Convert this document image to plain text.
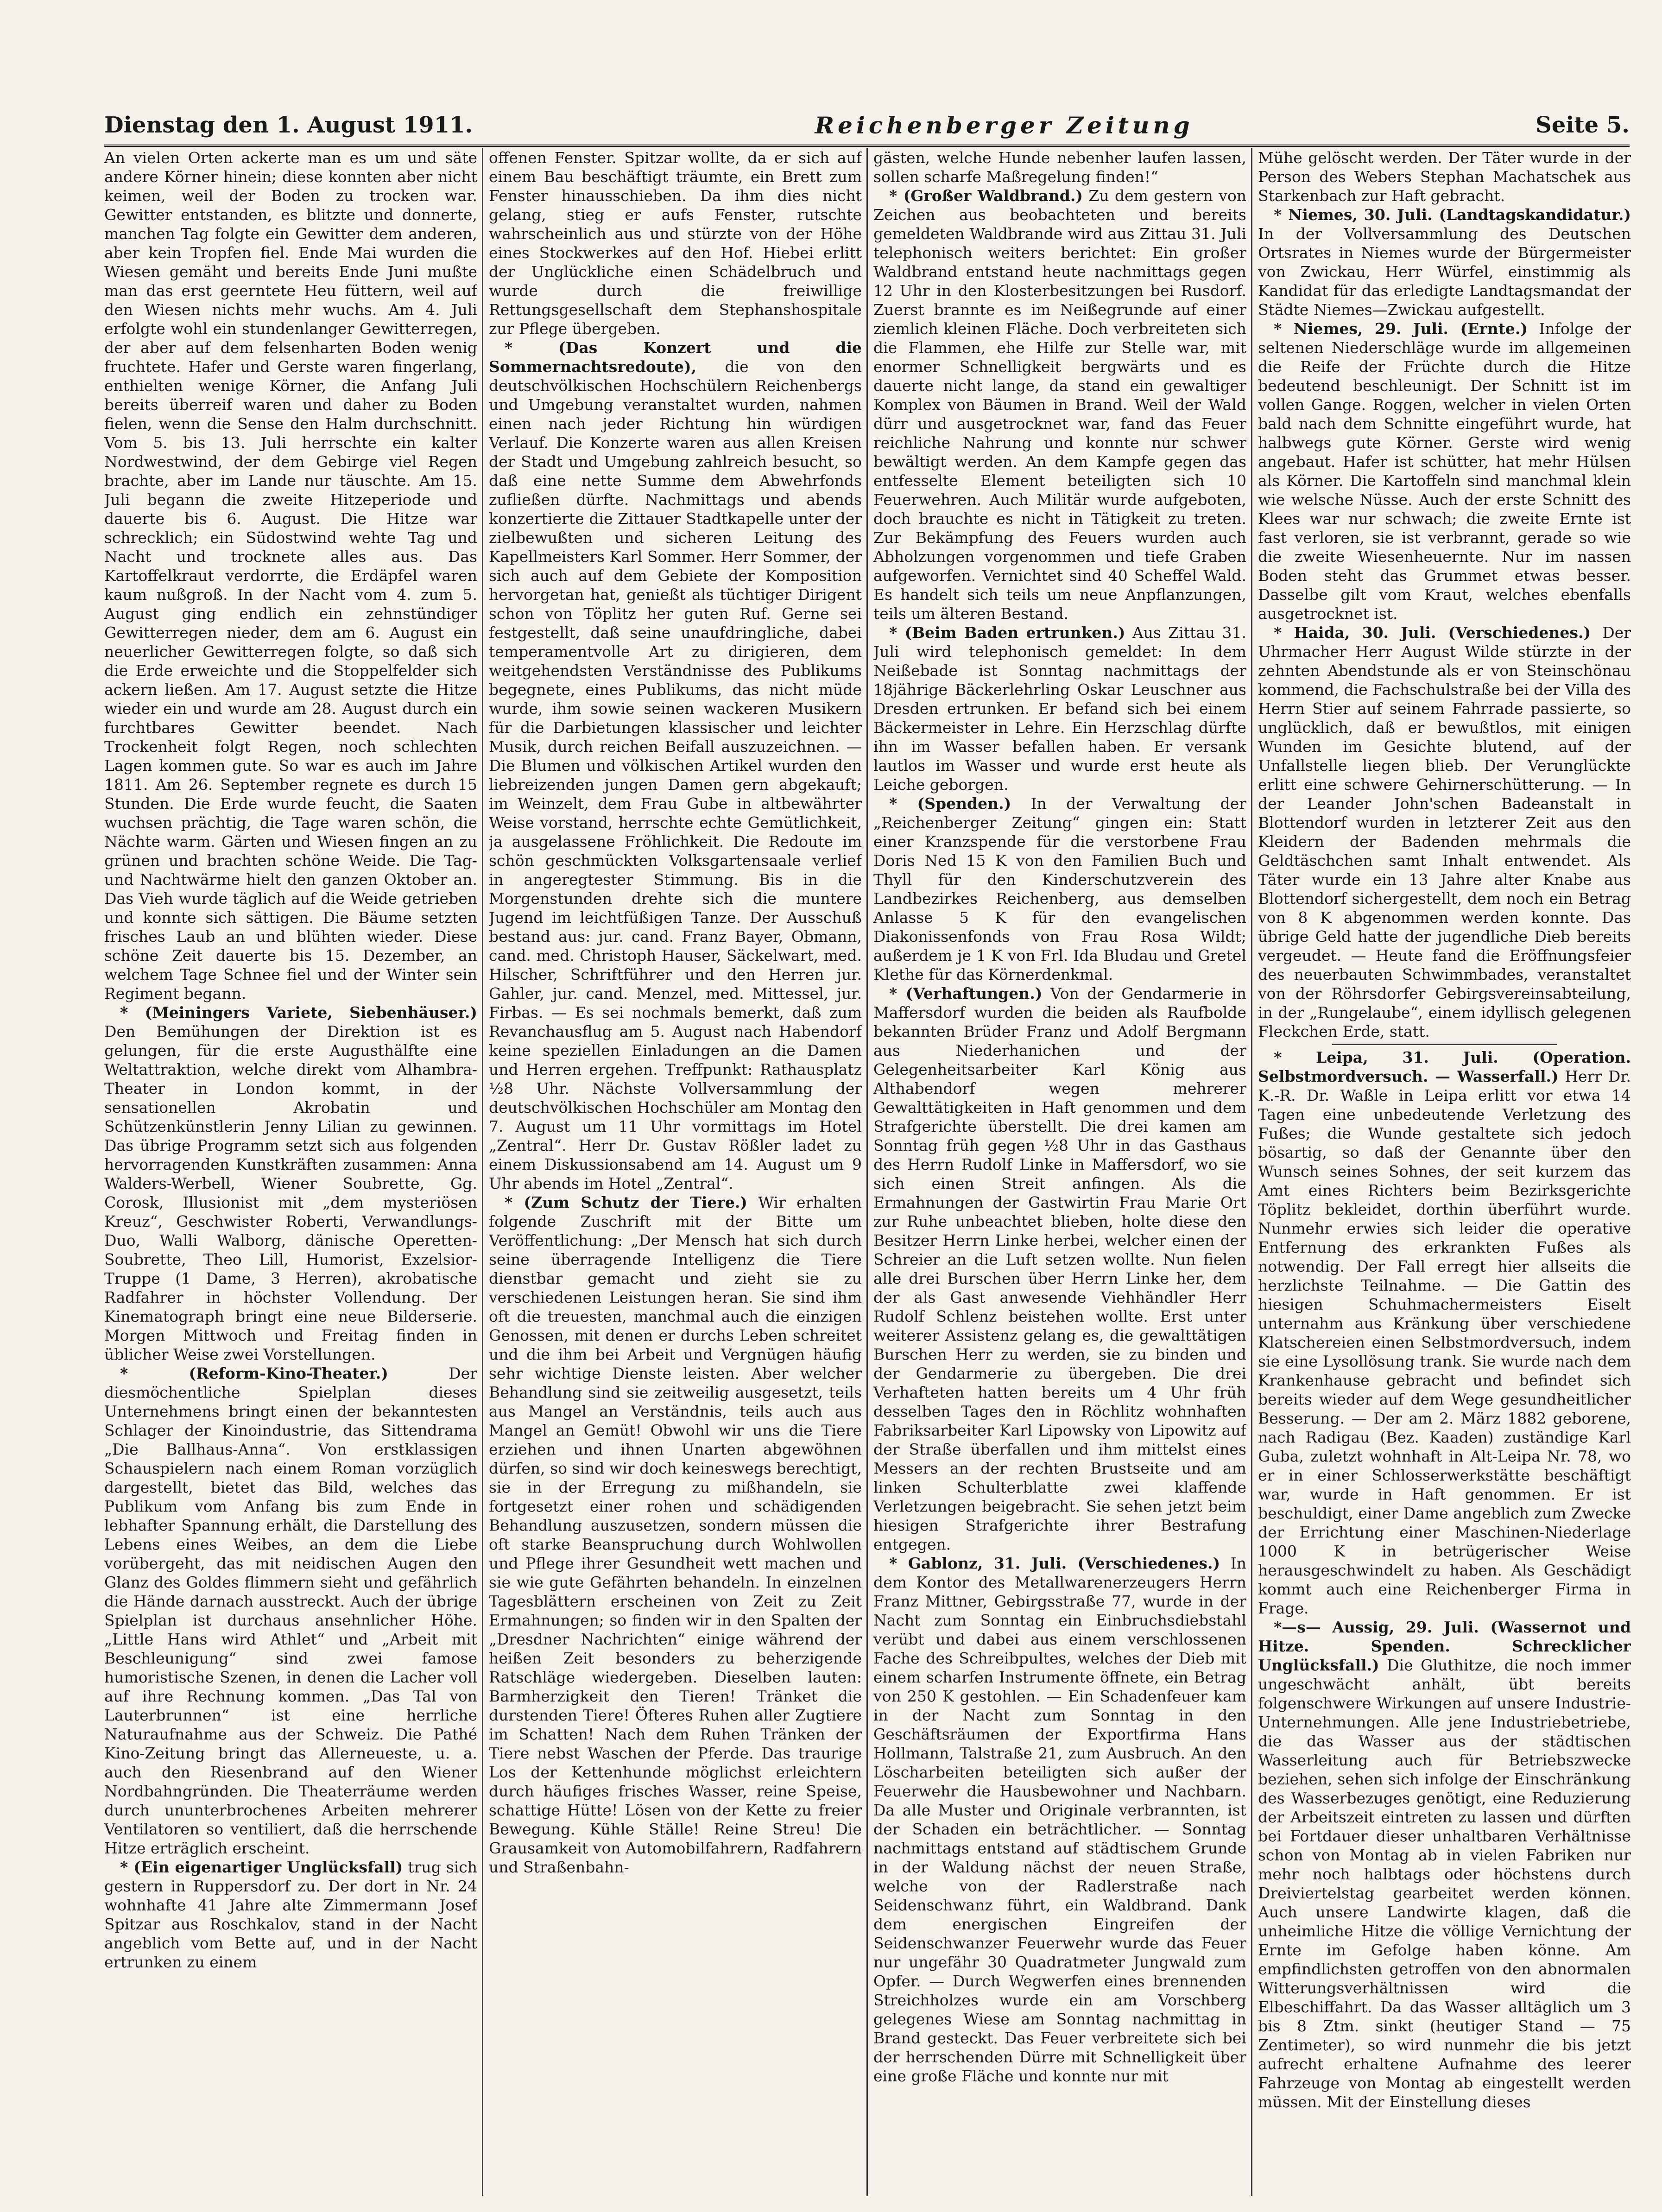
Dienstag den 1. August 1911.	Reichenberger Zeitung	Seite 5.

An vielen Orten ackerte man es um und säte andere Körner hinein; diese konnten aber nicht keimen, weil der Boden zu trocken war. Gewitter entstanden, es blitzte und donnerte, manchen Tag folgte ein Gewitter dem anderen, aber kein Tropfen fiel. Ende Mai wurden die Wiesen gemäht und bereits Ende Juni mußte man das erst geerntete Heu füttern, weil auf den Wiesen nichts mehr wuchs. Am 4. Juli erfolgte wohl ein stundenlanger Gewitterregen, der aber auf dem felsenharten Boden wenig fruchtete. Hafer und Gerste waren fingerlang, enthielten wenige Körner, die Anfang Juli bereits überreif waren und daher zu Boden fielen, wenn die Sense den Halm durchschnitt. Vom 5. bis 13. Juli herrschte ein kalter Nordwestwind, der dem Gebirge viel Regen brachte, aber im Lande nur täuschte. Am 15. Juli begann die zweite Hitzeperiode und dauerte bis 6. August. Die Hitze war schrecklich; ein Südostwind wehte Tag und Nacht und trocknete alles aus. Das Kartoffelkraut verdorrte, die Erdäpfel waren kaum nußgroß. In der Nacht vom 4. zum 5. August ging endlich ein zehnstündiger Gewitterregen nieder, dem am 6. August ein neuerlicher Gewitterregen folgte, so daß sich die Erde erweichte und die Stoppelfelder sich ackern ließen. Am 17. August setzte die Hitze wieder ein und wurde am 28. August durch ein furchtbares Gewitter beendet. Nach Trockenheit folgt Regen, noch schlechten Lagen kommen gute. So war es auch im Jahre 1811. Am 26. September regnete es durch 15 Stunden. Die Erde wurde feucht, die Saaten wuchsen prächtig, die Tage waren schön, die Nächte warm. Gärten und Wiesen fingen an zu grünen und brachten schöne Weide. Die Tag- und Nachtwärme hielt den ganzen Oktober an. Das Vieh wurde täglich auf die Weide getrieben und konnte sich sättigen. Die Bäume setzten frisches Laub an und blühten wieder. Diese schöne Zeit dauerte bis 15. Dezember, an welchem Tage Schnee fiel und der Winter sein Regiment begann.

* (Meiningers Variete, Siebenhäuser.) Den Bemühungen der Direktion ist es gelungen, für die erste Augusthälfte eine Weltattraktion, welche direkt vom Alhambra-Theater in London kommt, in der sensationellen Akrobatin und Schützenkünstlerin Jenny Lilian zu gewinnen. Das übrige Programm setzt sich aus folgenden hervorragenden Kunstkräften zusammen: Anna Walders-Werbell, Wiener Soubrette, Gg. Corosk, Illusionist mit „dem mysteriösen Kreuz“, Geschwister Roberti, Verwandlungs-Duo, Walli Walborg, dänische Operetten-Soubrette, Theo Lill, Humorist, Exzelsior-Truppe (1 Dame, 3 Herren), akrobatische Radfahrer in höchster Vollendung. Der Kinematograph bringt eine neue Bilderserie. Morgen Mittwoch und Freitag finden in üblicher Weise zwei Vorstellungen.

* (Reform-Kino-Theater.)	Der diesmöchentliche Spielplan dieses Unternehmens bringt einen der bekanntesten Schlager der Kinoindustrie, das Sittendrama „Die Ballhaus-Anna“. Von erstklassigen Schauspielern nach einem Roman vorzüglich dargestellt, bietet das Bild, welches das Publikum vom Anfang bis zum Ende in lebhafter Spannung erhält, die Darstellung des Lebens eines Weibes, an dem die Liebe vorübergeht, das mit neidischen Augen den Glanz des Goldes flimmern sieht und gefährlich die Hände darnach ausstreckt. Auch der übrige Spielplan ist durchaus ansehnlicher Höhe. „Little Hans wird Athlet“ und „Arbeit mit Beschleunigung“ sind zwei famose humoristische Szenen, in denen die Lacher voll auf ihre Rechnung kommen. „Das Tal von Lauterbrunnen“ ist eine herrliche Naturaufnahme aus der Schweiz. Die Pathé Kino-Zeitung bringt das Allerneueste, u. a. auch den Riesenbrand auf den Wiener Nordbahngründen. Die Theaterräume werden durch ununterbrochenes Arbeiten mehrerer Ventilatoren so ventiliert, daß die herrschende Hitze erträglich erscheint.

* (Ein eigenartiger Unglücksfall) trug sich gestern in Ruppersdorf zu. Der dort in Nr. 24 wohnhafte 41 Jahre alte Zimmermann Josef Spitzar aus Roschkalov, stand in der Nacht angeblich vom Bette auf, und in der Nacht ertrunken zu einem

offenen Fenster. Spitzar wollte, da er sich auf einem Bau beschäftigt träumte, ein Brett zum Fenster hinausschieben. Da ihm dies nicht gelang, stieg er aufs Fenster, rutschte wahrscheinlich aus und stürzte von der Höhe eines Stockwerkes auf den Hof. Hiebei erlitt der Unglückliche einen Schädelbruch und wurde durch die freiwillige Rettungsgesellschaft dem Stephanshospitale zur Pflege übergeben.

* (Das Konzert und die Sommernachtsredoute), die von den deutschvölkischen Hochschülern Reichenbergs und Umgebung veranstaltet wurden, nahmen einen nach jeder Richtung hin würdigen Verlauf. Die Konzerte waren aus allen Kreisen der Stadt und Umgebung zahlreich besucht, so daß eine nette Summe dem Abwehrfonds zufließen dürfte. Nachmittags und abends konzertierte die Zittauer Stadtkapelle unter der zielbewußten und sicheren Leitung des Kapellmeisters Karl Sommer. Herr Sommer, der sich auch auf dem Gebiete der Komposition hervorgetan hat, genießt als tüchtiger Dirigent schon von Töplitz her guten Ruf. Gerne sei festgestellt, daß seine unaufdringliche, dabei temperamentvolle Art zu dirigieren, dem weitgehendsten Verständnisse des Publikums begegnete, eines Publikums, das nicht müde wurde, ihm sowie seinen wackeren Musikern für die Darbietungen klassischer und leichter Musik, durch reichen Beifall auszuzeichnen. — Die Blumen und völkischen Artikel wurden den liebreizenden jungen Damen gern abgekauft; im Weinzelt, dem Frau Gube in altbewährter Weise vorstand, herrschte echte Gemütlichkeit, ja ausgelassene Fröhlichkeit. Die Redoute im schön geschmückten Volksgartensaale verlief in angeregtester Stimmung. Bis in die Morgenstunden drehte sich die muntere Jugend im leichtfüßigen Tanze. Der Ausschuß bestand aus: jur. cand. Franz Bayer, Obmann, cand. med. Christoph Hauser, Säckelwart, med. Hilscher, Schriftführer und den Herren jur. Gahler, jur. cand. Menzel, med. Mittessel, jur. Firbas. — Es sei nochmals bemerkt, daß zum Revanchausflug am 5. August nach Habendorf keine speziellen Einladungen an die Damen und Herren ergehen. Treffpunkt: Rathausplatz ½8 Uhr. Nächste Vollversammlung der deutschvölkischen Hochschüler am Montag den 7. August um 11 Uhr vormittags im Hotel „Zentral“. Herr Dr. Gustav Rößler ladet zu einem Diskussionsabend am 14. August um 9 Uhr abends im Hotel „Zentral“.

* (Zum Schutz der Tiere.) Wir erhalten folgende Zuschrift mit der Bitte um Veröffentlichung: „Der Mensch hat sich durch seine überragende Intelligenz die Tiere dienstbar gemacht und zieht sie zu verschiedenen Leistungen heran. Sie sind ihm oft die treuesten, manchmal auch die einzigen Genossen, mit denen er durchs Leben schreitet und die ihm bei Arbeit und Vergnügen häufig sehr wichtige Dienste leisten. Aber welcher Behandlung sind sie zeitweilig ausgesetzt, teils aus Mangel an Verständnis, teils auch aus Mangel an Gemüt! Obwohl wir uns die Tiere erziehen und ihnen Unarten abgewöhnen dürfen, so sind wir doch keineswegs berechtigt, sie in der Erregung zu mißhandeln, sie fortgesetzt einer rohen und schädigenden Behandlung auszusetzen, sondern müssen die oft starke Beanspruchung durch Wohlwollen und Pflege ihrer Gesundheit wett machen und sie wie gute Gefährten behandeln. In einzelnen Tagesblättern erscheinen von Zeit zu Zeit Ermahnungen; so finden wir in den Spalten der „Dresdner Nachrichten“ einige während der heißen Zeit besonders zu beherzigende Ratschläge wiedergeben. Dieselben lauten: Barmherzigkeit den Tieren! Tränket die durstenden Tiere! Öfteres Ruhen aller Zugtiere im Schatten! Nach dem Ruhen Tränken der Tiere nebst Waschen der Pferde. Das traurige Los der Kettenhunde möglichst erleichtern durch häufiges frisches Wasser, reine Speise, schattige Hütte! Lösen von der Kette zu freier Bewegung. Kühle Ställe! Reine Streu! Die Grausamkeit von Automobilfahrern, Radfahrern und Straßenbahn-

gästen, welche Hunde nebenher laufen lassen, sollen scharfe Maßregelung finden!“

* (Großer Waldbrand.) Zu dem gestern von Zeichen aus beobachteten und bereits gemeldeten Waldbrande wird aus Zittau 31. Juli telephonisch weiters berichtet: Ein großer Waldbrand entstand heute nachmittags gegen 12 Uhr in den Klosterbesitzungen bei Rusdorf. Zuerst brannte es im Neißegrunde auf einer ziemlich kleinen Fläche. Doch verbreiteten sich die Flammen, ehe Hilfe zur Stelle war, mit enormer Schnelligkeit bergwärts und es dauerte nicht lange, da stand ein gewaltiger Komplex von Bäumen in Brand. Weil der Wald dürr und ausgetrocknet war, fand das Feuer reichliche Nahrung und konnte nur schwer bewältigt werden. An dem Kampfe gegen das entfesselte Element beteiligten sich 10 Feuerwehren. Auch Militär wurde aufgeboten, doch brauchte es nicht in Tätigkeit zu treten. Zur Bekämpfung des Feuers wurden auch Abholzungen vorgenommen und tiefe Graben aufgeworfen. Vernichtet sind 40 Scheffel Wald. Es handelt sich teils um neue Anpflanzungen, teils um älteren Bestand.

* (Beim Baden ertrunken.) Aus Zittau 31. Juli wird telephonisch gemeldet: In dem Neißebade ist Sonntag nachmittags der 18jährige Bäckerlehrling Oskar Leuschner aus Dresden ertrunken. Er befand sich bei einem Bäckermeister in Lehre. Ein Herzschlag dürfte ihn im Wasser befallen haben. Er versank lautlos im Wasser und wurde erst heute als Leiche geborgen.

* (Spenden.) In der Verwaltung der „Reichenberger Zeitung“ gingen ein: Statt einer Kranzspende für die verstorbene Frau Doris Ned 15 K von den Familien Buch und Thyll für den Kinderschutzverein des Landbezirkes Reichenberg, aus demselben Anlasse 5 K für den evangelischen Diakonissenfonds von Frau Rosa Wildt; außerdem je 1 K von Frl. Ida Bludau und Gretel Klethe für das Körnerdenkmal.

* (Verhaftungen.) Von der Gendarmerie in Maffersdorf wurden die beiden als Raufbolde bekannten Brüder Franz und Adolf Bergmann aus Niederhanichen und der Gelegenheitsarbeiter Karl König aus Althabendorf wegen mehrerer Gewalttätigkeiten in Haft genommen und dem Strafgerichte überstellt. Die drei kamen am Sonntag früh gegen ½8 Uhr in das Gasthaus des Herrn Rudolf Linke in Maffersdorf, wo sie sich einen Streit anfingen. Als die Ermahnungen der Gastwirtin Frau Marie Ort zur Ruhe unbeachtet blieben, holte diese den Besitzer Herrn Linke herbei, welcher einen der Schreier an die Luft setzen wollte. Nun fielen alle drei Burschen über Herrn Linke her, dem der als Gast anwesende Viehhändler Herr Rudolf Schlenz beistehen wollte. Erst unter weiterer Assistenz gelang es, die gewalttätigen Burschen Herr zu werden, sie zu binden und der Gendarmerie zu übergeben. Die drei Verhafteten hatten bereits um 4 Uhr früh desselben Tages den in Röchlitz wohnhaften Fabriksarbeiter Karl Lipowsky von Lipowitz auf der Straße überfallen und ihm mittelst eines Messers an der rechten Brustseite und am linken Schulterblatte zwei klaffende Verletzungen beigebracht. Sie sehen jetzt beim hiesigen Strafgerichte ihrer Bestrafung entgegen.

* Gablonz, 31. Juli. (Verschiedenes.) In dem Kontor des Metallwarenerzeugers Herrn Franz Mittner, Gebirgsstraße 77, wurde in der Nacht zum Sonntag ein Einbruchsdiebstahl verübt und dabei aus einem verschlossenen Fache des Schreibpultes, welches der Dieb mit einem scharfen Instrumente öffnete, ein Betrag von 250 K gestohlen. — Ein Schadenfeuer kam in der Nacht zum Sonntag in den Geschäftsräumen der Exportfirma Hans Hollmann, Talstraße 21, zum Ausbruch. An den Löscharbeiten beteiligten sich außer der Feuerwehr die Hausbewohner und Nachbarn. Da alle Muster und Originale verbrannten, ist der Schaden ein beträchtlicher. — Sonntag nachmittags entstand auf städtischem Grunde in der Waldung nächst der neuen Straße, welche von der Radlerstraße nach Seidenschwanz führt, ein Waldbrand. Dank dem energischen Eingreifen der Seidenschwanzer Feuerwehr wurde das Feuer nur ungefähr 30 Quadratmeter Jungwald zum Opfer. — Durch Wegwerfen eines brennenden Streichholzes wurde ein am Vorschberg gelegenes Wiese am Sonntag nachmittag in Brand gesteckt. Das Feuer verbreitete sich bei der herrschenden Dürre mit Schnelligkeit über eine große Fläche und konnte nur mit

Mühe gelöscht werden. Der Täter wurde in der Person des Webers Stephan Machatschek aus Starkenbach zur Haft gebracht.

* Niemes, 30. Juli. (Landtagskandidatur.) In der Vollversammlung des Deutschen Ortsrates in Niemes wurde der Bürgermeister von Zwickau, Herr Würfel, einstimmig als Kandidat für das erledigte Landtagsmandat der Städte Niemes—Zwickau aufgestellt.

* Niemes, 29. Juli. (Ernte.) Infolge der seltenen Niederschläge wurde im allgemeinen die Reife der Früchte durch die Hitze bedeutend beschleunigt. Der Schnitt ist im vollen Gange. Roggen, welcher in vielen Orten bald nach dem Schnitte eingeführt wurde, hat halbwegs gute Körner. Gerste wird wenig angebaut. Hafer ist schütter, hat mehr Hülsen als Körner. Die Kartoffeln sind manchmal klein wie welsche Nüsse. Auch der erste Schnitt des Klees war nur schwach; die zweite Ernte ist fast verloren, sie ist verbrannt, gerade so wie die zweite Wiesenheuernte. Nur im nassen Boden steht das Grummet etwas besser. Dasselbe gilt vom Kraut, welches ebenfalls ausgetrocknet ist.

* Haida, 30. Juli. (Verschiedenes.) Der Uhrmacher Herr August Wilde stürzte in der zehnten Abendstunde als er von Steinschönau kommend, die Fachschulstraße bei der Villa des Herrn Stier auf seinem Fahrrade passierte, so unglücklich, daß er bewußtlos, mit einigen Wunden im Gesichte blutend, auf der Unfallstelle liegen blieb. Der Verunglückte erlitt eine schwere Gehirnerschütterung. — In der Leander John'schen Badeanstalt in Blottendorf wurden in letzterer Zeit aus den Kleidern der Badenden mehrmals die Geldtäschchen samt Inhalt entwendet. Als Täter wurde ein 13 Jahre alter Knabe aus Blottendorf sichergestellt, dem noch ein Betrag von 8 K abgenommen werden konnte. Das übrige Geld hatte der jugendliche Dieb bereits vergeudet. — Heute fand die Eröffnungsfeier des neuerbauten Schwimmbades, veranstaltet von der Röhrsdorfer Gebirgsvereinsabteilung, in der „Rungelaube“, einem idyllisch gelegenen Fleckchen Erde, statt.

* Leipa, 31. Juli. (Operation. Selbstmordversuch. — Wasserfall.) Herr Dr. K.-R. Dr. Waßle in Leipa erlitt vor etwa 14 Tagen eine unbedeutende Verletzung des Fußes; die Wunde gestaltete sich jedoch bösartig, so daß der Genannte über den Wunsch seines Sohnes, der seit kurzem das Amt eines Richters beim Bezirksgerichte Töplitz bekleidet, dorthin überführt wurde. Nunmehr erwies sich leider die operative Entfernung des erkrankten Fußes als notwendig. Der Fall erregt hier allseits die herzlichste Teilnahme. — Die Gattin des hiesigen Schuhmachermeisters Eiselt unternahm aus Kränkung über verschiedene Klatschereien einen Selbstmordversuch, indem sie eine Lysollösung trank. Sie wurde nach dem Krankenhause gebracht und befindet sich bereits wieder auf dem Wege gesundheitlicher Besserung. — Der am 2. März 1882 geborene, nach Radigau (Bez. Kaaden) zuständige Karl Guba, zuletzt wohnhaft in Alt-Leipa Nr. 78, wo er in einer Schlosserwerkstätte beschäftigt war, wurde in Haft genommen. Er ist beschuldigt, einer Dame angeblich zum Zwecke der Errichtung einer Maschinen-Niederlage 1000 K in betrügerischer Weise herausgeschwindelt zu haben. Als Geschädigt kommt auch eine Reichenberger Firma in Frage.

*—s— Aussig, 29. Juli. (Wassernot und Hitze. Spenden. Schrecklicher Unglücksfall.) Die Gluthitze, die noch immer ungeschwächt anhält, übt bereits folgenschwere Wirkungen auf unsere Industrie-Unternehmungen. Alle jene Industriebetriebe, die das Wasser aus der städtischen Wasserleitung auch für Betriebszwecke beziehen, sehen sich infolge der Einschränkung des Wasserbezuges genötigt, eine Reduzierung der Arbeitszeit eintreten zu lassen und dürften bei Fortdauer dieser unhaltbaren Verhältnisse schon von Montag ab in vielen Fabriken nur mehr noch halbtags oder höchstens durch Dreiviertelstag gearbeitet werden können. Auch unsere Landwirte klagen, daß die unheimliche Hitze die völlige Vernichtung der Ernte im Gefolge haben könne. Am empfindlichsten getroffen von den abnormalen Witterungsverhältnissen wird die Elbeschiffahrt. Da das Wasser alltäglich um 3 bis 8 Ztm. sinkt (heutiger Stand — 75 Zentimeter), so wird nunmehr die bis jetzt aufrecht erhaltene Aufnahme des leerer Fahrzeuge von Montag ab eingestellt werden müssen. Mit der Einstellung dieses
